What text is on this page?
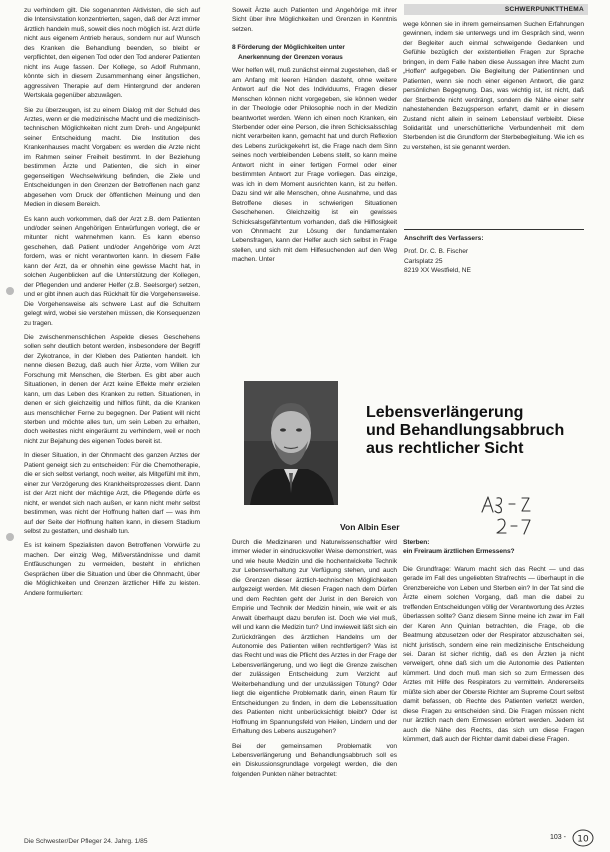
SCHWERPUNKTTHEMA

zu verhindern gilt. Die sogenannten Aktivisten, die sich auf die Intensivstation konzentrierten, sagen, daß der Arzt immer ärztlich handeln muß, soweit dies noch möglich ist. Arzt dürfe nicht aus eigenem Antrieb heraus, sondern nur auf Wunsch des Kranken die Behandlung beenden, so bleibt er verpflichtet, den eigenen Tod oder den Tod anderer Patienten nicht ins Auge fassen. Der Kollege, so Adolf Ruhmann, könnte sich in diesem Zusammenhang einer ängstlichen, aggressiven Therapie auf dem Hintergrund der anderen Wertskala gegenüber abzuwägen.

Sie zu überzeugen, ist zu einem Dialog mit der Schuld des Arztes, wenn er die medizinische Macht und die medizinisch-technischen Möglichkeiten nicht zum Dreh- und Angelpunkt seiner Entscheidung macht. Die Institution des Krankenhauses macht Vorgaben: es werden die Arzte nicht im Rahmen seiner Freiheit bestimmt. In der Beziehung bestimmen Ärzte und Patienten, die sich in einer gegenseitigen Wechselwirkung befinden, die Ziele und Entscheidungen in den Grenzen der Betroffenen nach ganz abgesehen vom Druck der öffentlichen Meinung und den Medien in diesem Bereich.

Es kann auch vorkommen, daß der Arzt z.B. dem Patienten und/oder seinen Angehörigen Entwürfungen vorlegt, die er mitunter nicht wahrnehmen kann. Es kann ebenso geschehen, daß Patient und/oder Angehörige vom Arzt fordern, was er nicht verantworten kann. In diesem Falle kann der Arzt, da er ohnehin eine gewisse Macht hat, in solchen Augenblicken auf die Unterstützung der Kollegen, der Pflegenden und anderer Helfer (z.B. Seelsorger) setzen, und er gibt ihnen auch das Rückhalt für die Vorgehensweise. Die Vorgehensweise als schwere Last auf die Schultern gelegt wird, wobei sie verstehen müssen, die Konsequenzen zu tragen.

Die zwischenmenschlichen Aspekte dieses Geschehens sollen sehr deutlich betont werden, insbesondere der Begriff der Zykotrance, in der Kleben des Patienten handelt. Ich nenne diesen Bezug, daß auch hier Ärzte, vom Willen zur Forschung mit Menschen, die Sterben. Es gibt aber auch Situationen, in denen der Arzt keine Effekte mehr erzielen kann, um das Leben des Kranken zu retten. Situationen, in denen er sich gleichzeitig und hilflos fühlt, da die Kranken aus menschlicher Ferne zu begegnen. Der Patient will nicht sterben und möchte alles tun, um sein Leben zu erhalten, doch weitestes nicht eingeräumt zu verhindern, weil er noch nicht zur Bejahung des eigenen Todes bereit ist.

In dieser Situation, in der Ohnmacht des ganzen Arztes der Patient geneigt sich zu entscheiden: Für die Chemotherapie, die er sich selbst verlangt, noch weiter, als Mitgefühl mit ihm, einer zur Verzögerung des Krankheitsprozesses dient. Dann ist der Arzt nicht der mächtige Arzt, die Pflegende dürfe es nicht, er wendet sich nach außen, er kann nicht mehr selbst bestimmen, was nicht der Hoffnung halten darf — was ihm auf der Seite der Hoffnung halten kann, in diesem Stadium selbst zu gestatten, und deshalb tun.

Es ist keinem Spezialisten davon Betroffenen Vorwürfe zu machen. Der einzig Weg, Mißverständnisse und damit Entfäuschungen zu vermeiden, besteht in ehrlichen Gesprächen über die Situation und über die Ohnmacht, über die Möglichkeiten und Grenzen ärztlicher Hilfe zu leisten. Andere formulierten:

Soweit Ärzte auch Patienten und Angehörige mit ihrer Sicht über ihre Möglichkeiten und Grenzen in Kenntnis setzen.

8 Förderung der Möglichkeiten unter

Anerkennung der Grenzen voraus

Wer helfen will, muß zunächst einmal zugestehen, daß er am Anfang mit leeren Händen dasteht, ohne weitere Antwort auf die Not des Individuums, Fragen dieser Menschen können nicht vorgegeben, sie können weder in der Theologie oder Philosophie noch in der Medizin beantwortet werden. Wenn ich einen noch Kranken, ein Sterbender oder eine Person, die ihren Schicksalsschlag nicht verarbeiten kann, gemacht hat und durch Reflexion des Lebens zurückgekehrt ist, die Frage nach dem Sinn seines noch verbleibenden Lebens stellt, so kann meine Antwort nicht in einer fertigen Formel oder einer bestimmten Antwort zur Frage vorliegen. Das einzige, was ich in dem Moment ausrichten kann, ist zu helfen. Dazu sind wir alle Menschen, ohne Ausnahme, und das Betroffene dieses in schwierigen Situationen Geschehenen. Gleichzeitig ist ein gewisses Schicksalsgefährtentum vorhanden, daß die Hilflosigkeit von Ohnmacht zur Lösung der fundamentalen Lebensfragen, kann der Helfer auch sich selbst in Frage stellen, und sich mit dem Hilfesuchenden auf den Weg machen. Unter

wege können sie in ihrem gemeinsamen Suchen Erfahrungen gewinnen, indem sie unterwegs und im Gespräch sind, wenn der Begleiter auch einmal schweigende Gedanken und Gefühle bezüglich der existentiellen Fragen zur Sprache bringen, in dem Falle haben diese Aussagen ihre Macht zum „Hoffen“ aufgegeben. Die Begleitung der Patientinnen und Patienten, wenn sie noch einer eigenen Antwort, die ganz persönlichen Begegnung. Das, was wichtig ist, ist nicht, daß der Sterbende nicht verdrängt, sondern die Nähe einer sehr nahestehenden Bezugsperson erfahrt, damit er in diesem Zustand nicht allein in seinem Lebenslauf verbleibt. Diese Solidarität und unerschütterliche Verbundenheit mit dem Sterbenden ist die Grundform der Sterbebegleitung. Wie ich es zu verstehen, ist sie genannt werden.

Anschrift des Verfassers:
Prof. Dr. C. B. Fischer
Carlsplatz 25
8219 XX Westfield, NE
Lebensverlängerung
und Behandlungsabbruch
aus rechtlicher Sicht
Von Albin Eser

Durch die Medizinaren und Naturwissenschaftler wird immer wieder in eindrucksvoller Weise demonstriert, was und wie heute Medizin und die hochentwickelte Technik zur Lebensverhaltung zur Verfügung stehen, und auch die Grenzen dieser ärztlich-technischen Möglichkeiten aufgezeigt werden. Mit diesen Fragen nach dem Dürfen und dem Rechten geht der Jurist in den Bereich von Empirie und Technik der Medizin hinein, wie weit er als Anwalt überhaupt dazu berufen ist. Doch wie viel muß, will und kann die Medizin tun? Und inwieweit läßt sich ein Zurückdrängen des ärztlichen Handelns um der Autonomie des Patienten willen rechtfertigen? Was ist das Recht und was die Pflicht des Arztes in der Frage der Lebensverlängerung, und wo liegt die Grenze zwischen der zulässigen Entscheidung zum Verzicht auf Weiterbehandlung und der unzulässigen Tötung? Oder liegt die eigentliche Problematik darin, einen Raum für Entscheidungen zu finden, in dem die Lebenssituation des Patienten nicht unberücksichtigt bleibt? Oder ist Hoffnung im Spannungsfeld von Heilen, Lindern und der Erhaltung des Lebens auszugehen?

Bei der gemeinsamen Problematik von Lebensverlängerung und Behandlungsabbruch soll es ein Diskussionsgrundlage vorgelegt werden, die den folgenden Punkten näher betrachtet:

Sterben:

ein Freiraum ärztlichen Ermessens?

Die Grundfrage: Warum macht sich das Recht — und das gerade im Fall des ungeliebten Strafrechts — überhaupt in die Grenzbereiche von Leben und Sterben ein? In der Tat sind die Ärzte einem solchen Vorgang, daß man die dabei zu treffenden Entscheidungen völlig der Verantwortung des Arztes überlassen sollte? Ganz diesem Sinne meine ich zwar im Fall der Karen Ann Quinlan betrachten, die Frage, ob die Beatmung abzusetzen oder der Respirator abzuschalten sei, nicht juristisch, sondern eine rein medizinische Entscheidung sei. Daran ist sicher richtig, daß es den Ärzten ja nicht verweigert, ohne daß sich um die Autonomie des Patienten kümmert. Und doch muß man sich so zum Ermessen des Arztes mit Hilfe des Respirators zu vermitteln. Andererseits müßte sich aber der Oberste Richter am Supreme Court selbst damit befassen, ob Rechte des Patienten verletzt werden, diese Fragen zu entscheiden sind. Die Fragen müssen nicht nur ärztlich nach dem Ermessen erörtert werden. Jedem ist auch die Nähe des Rechts, das sich um diese Fragen kümmert, daß auch der Richter damit dabei diese Fragen.

Die Schwester/Der Pfleger 24. Jahrg. 1/85
103 - 10
